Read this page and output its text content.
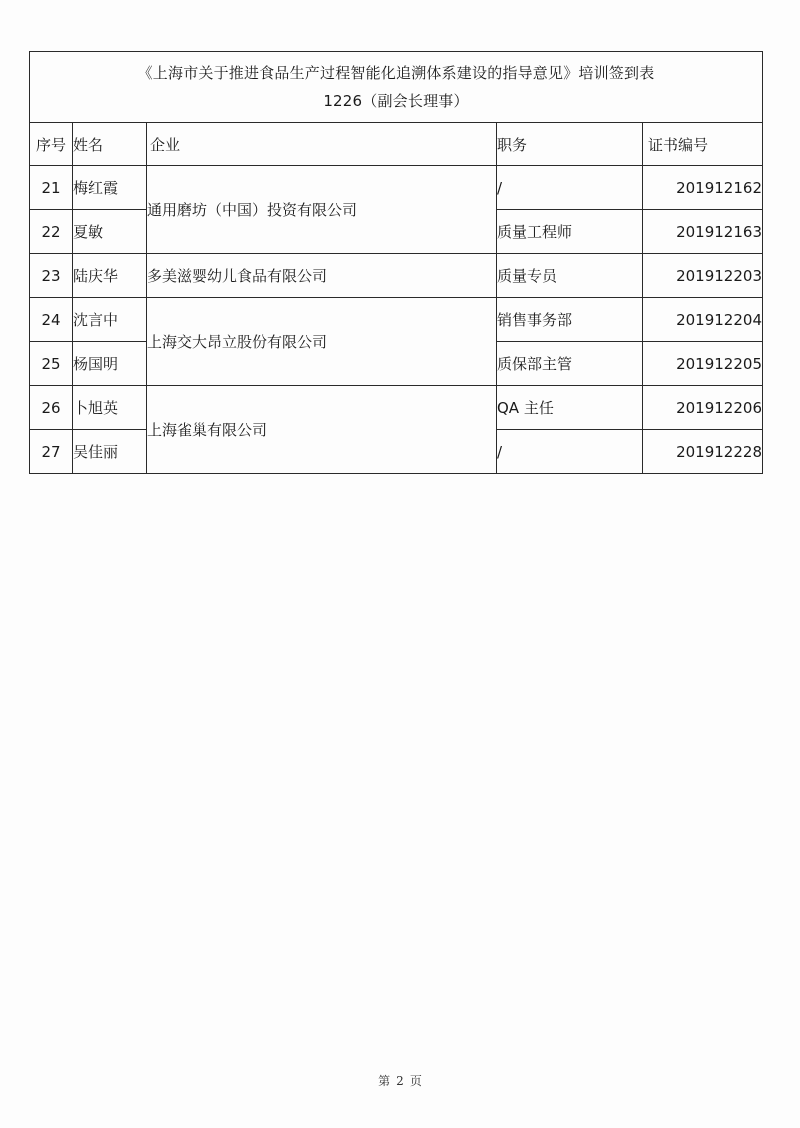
《上海市关于推进食品生产过程智能化追溯体系建设的指导意见》培训签到表
1226（副会长理事）				

序号	姓名	企业	职务	证书编号
21	梅红霞	通用磨坊（中国）投资有限公司	/	201912162
22	夏敏		质量工程师	201912163
23	陆庆华	多美滋婴幼儿食品有限公司	质量专员	201912203
24	沈言中	上海交大昂立股份有限公司	销售事务部	201912204
25	杨国明		质保部主管	201912205
26	卜旭英	上海雀巢有限公司	QA 主任	201912206
27	吴佳丽		/	201912228
第 2 页
